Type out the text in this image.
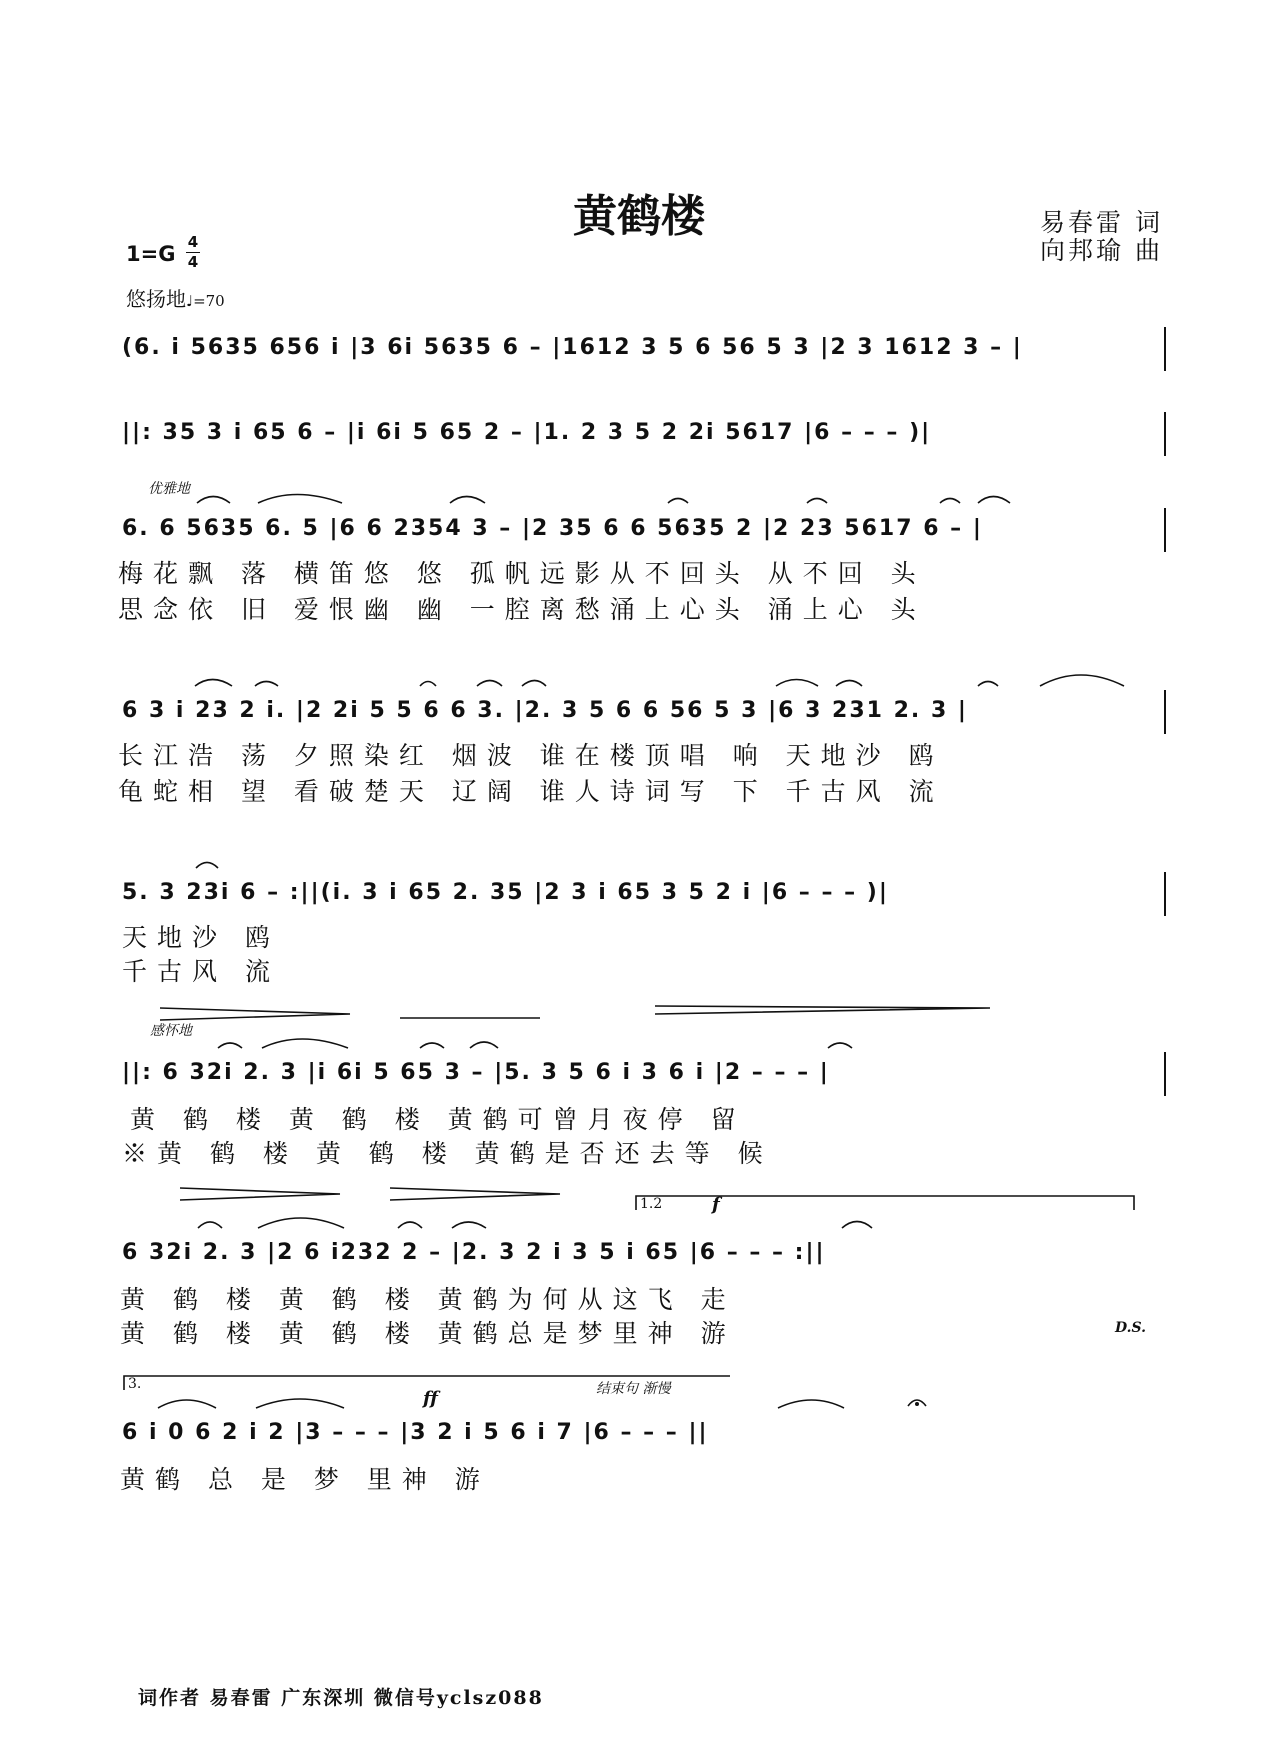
黄鹤楼	易春雷 词
向邦瑜 曲
1=G 4
4
悠扬地♩=70
(6. i 5635 656 i |3 6i 5635 6 – |1612 3 5 6 56 5 3 |2 3 1612 3 – |
||: 35 3 i 65 6 – |i 6i 5 65 2 – |1. 2 3 5 2 2i 5617 |6 – – – )|
优雅地
6. 6 5635 6. 5 |6 6 2354 3 – |2 35 6 6 5635 2 |2 23 5617 6 – |
梅花飘 落 横笛悠 悠 孤帆远影从不回头 从不回 头
思念依 旧 爱恨幽 幽 一腔离愁涌上心头 涌上心 头
6 3 i 23 2 i. |2 2i 5 5 6 6 3. |2. 3 5 6 6 56 5 3 |6 3 231 2. 3 |
长江浩 荡 夕照染红 烟波 谁在楼顶唱 响 天地沙 鸥
龟蛇相 望 看破楚天 辽阔 谁人诗词写 下 千古风 流
5. 3 23i 6 – :||(i. 3 i 65 2. 35 |2 3 i 65 3 5 2 i |6 – – – )|
天地沙 鸥
千古风 流
感怀地
||: 6 32i 2. 3 |i 6i 5 65 3 – |5. 3 5 6 i 3 6 i |2 – – – |
黄 鹤 楼 黄 鹤 楼 黄鹤可曾月夜停 留
※黄 鹤 楼 黄 鹤 楼 黄鹤是否还去等 候
1.2	f
6 32i 2. 3 |2 6 i232 2 – |2. 3 2 i 3 5 i 65 |6 – – – :||
黄 鹤 楼 黄 鹤 楼 黄鹤为何从这飞 走
黄 鹤 楼 黄 鹤 楼 黄鹤总是梦里神 游	D.S.
3.
ff	结束句 渐慢
6 i 0 6 2 i 2 |3 – – – |3 2 i 5 6 i 7 |6 – – – ||
黄鹤 总 是 梦 里神 游
词作者 易春雷 广东深圳 微信号yclsz088
